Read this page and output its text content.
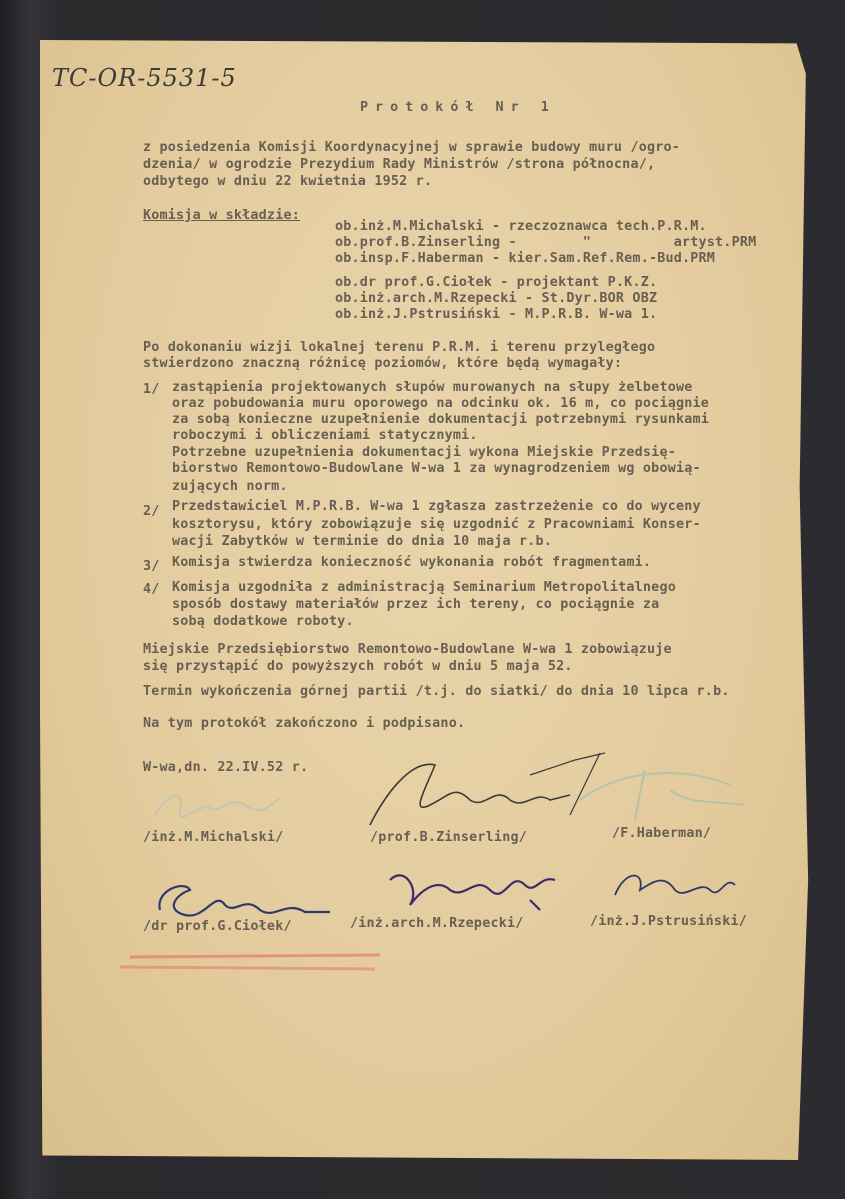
TC-OR-5531-5
Protokół Nr 1
z posiedzenia Komisji Koordynacyjnej w sprawie budowy muru /ogro-
dzenia/ w ogrodzie Prezydium Rady Ministrów /strona północna/,
odbytego w dniu 22 kwietnia 1952 r.
Komisja w składzie:
ob.inż.M.Michalski - rzeczoznawca tech.P.R.M.
ob.prof.B.Zinserling -        "          artyst.PRM
ob.insp.F.Haberman - kier.Sam.Ref.Rem.-Bud.PRM
ob.dr prof.G.Ciołek - projektant P.K.Z.
ob.inż.arch.M.Rzepecki - St.Dyr.BOR OBZ
ob.inż.J.Pstrusiński - M.P.R.B. W-wa 1.
Po dokonaniu wizji lokalnej terenu P.R.M. i terenu przyległego
stwierdzono znaczną różnicę poziomów, które będą wymagały:
1/ zastąpienia projektowanych słupów murowanych na słupy żelbetowe
oraz pobudowania muru oporowego na odcinku ok. 16 m, co pociągnie
za sobą konieczne uzupełnienie dokumentacji potrzebnymi rysunkami
roboczymi i obliczeniami statycznymi.
Potrzebne uzupełnienia dokumentacji wykona Miejskie Przedsię-
biorstwo Remontowo-Budowlane W-wa 1 za wynagrodzeniem wg obowią-
zujących norm.
2/ Przedstawiciel M.P.R.B. W-wa 1 zgłasza zastrzeżenie co do wyceny
kosztorysu, który zobowiązuje się uzgodnić z Pracowniami Konser-
wacji Zabytków w terminie do dnia 10 maja r.b.
3/ Komisja stwierdza konieczność wykonania robót fragmentami.
4/ Komisja uzgodniła z administracją Seminarium Metropolitalnego
sposób dostawy materiałów przez ich tereny, co pociągnie za
sobą dodatkowe roboty.
Miejskie Przedsiębiorstwo Remontowo-Budowlane W-wa 1 zobowiązuje
się przystąpić do powyższych robót w dniu 5 maja 52.
Termin wykończenia górnej partii /t.j. do siatki/ do dnia 10 lipca r.b.
Na tym protokół zakończono i podpisano.
W-wa,dn. 22.IV.52 r.
/inż.M.Michalski/	/prof.B.Zinserling/	/F.Haberman/
/dr prof.G.Ciołek/	/inż.arch.M.Rzepecki/	/inż.J.Pstrusiński/
